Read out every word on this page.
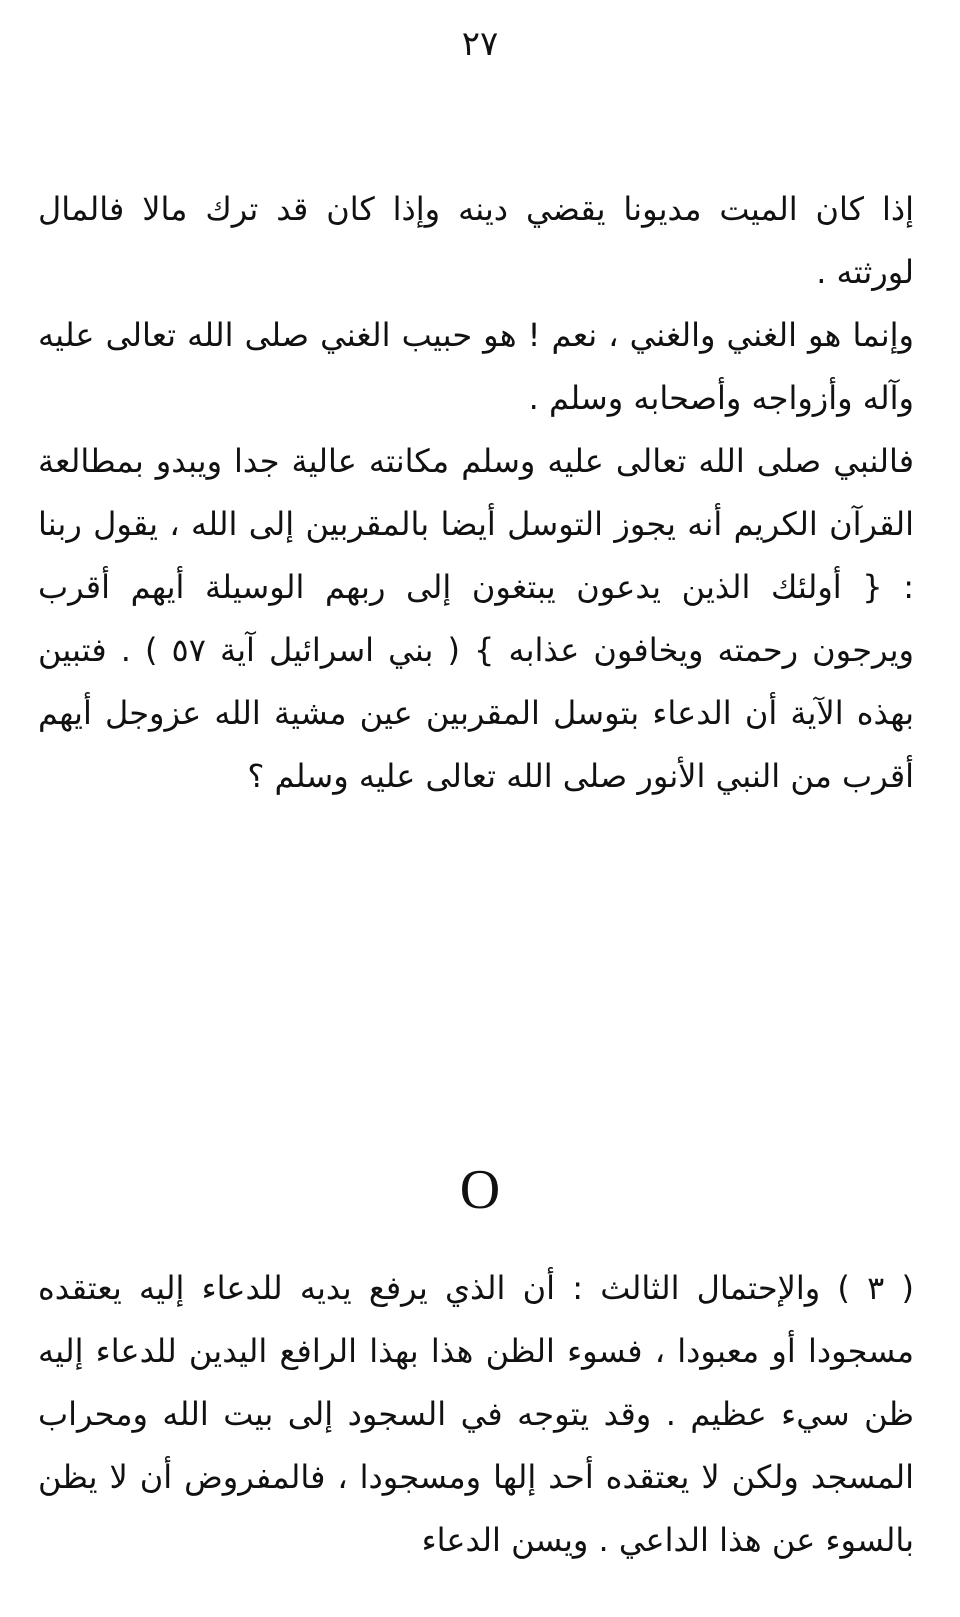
٢٧

إذا كان الميت مديونا يقضي دينه وإذا كان قد ترك مالا فالمال لورثته .

وإنما هو الغني والغني ، نعم ! هو حبيب الغني صلى الله تعالى عليه وآله وأزواجه وأصحابه وسلم .

فالنبي صلى الله تعالى عليه وسلم مكانته عالية جدا ويبدو بمطالعة القرآن الكريم أنه يجوز التوسل أيضا بالمقربين إلى الله ، يقول ربنا : { أولئك الذين يدعون يبتغون إلى ربهم الوسيلة أيهم أقرب ويرجون رحمته ويخافون عذابه } ( بني اسرائيل آية ٥٧ ) . فتبين بهذه الآية أن الدعاء بتوسل المقربين عين مشية الله عزوجل أيهم أقرب من النبي الأنور صلى الله تعالى عليه وسلم ؟

O

( ٣ ) والإحتمال الثالث : أن الذي يرفع يديه للدعاء إليه يعتقده مسجودا أو معبودا ، فسوء الظن هذا بهذا الرافع اليدين للدعاء إليه ظن سيء عظيم . وقد يتوجه في السجود إلى بيت الله ومحراب المسجد ولكن لا يعتقده أحد إلها ومسجودا ، فالمفروض أن لا يظن بالسوء عن هذا الداعي . ويسن الدعاء
